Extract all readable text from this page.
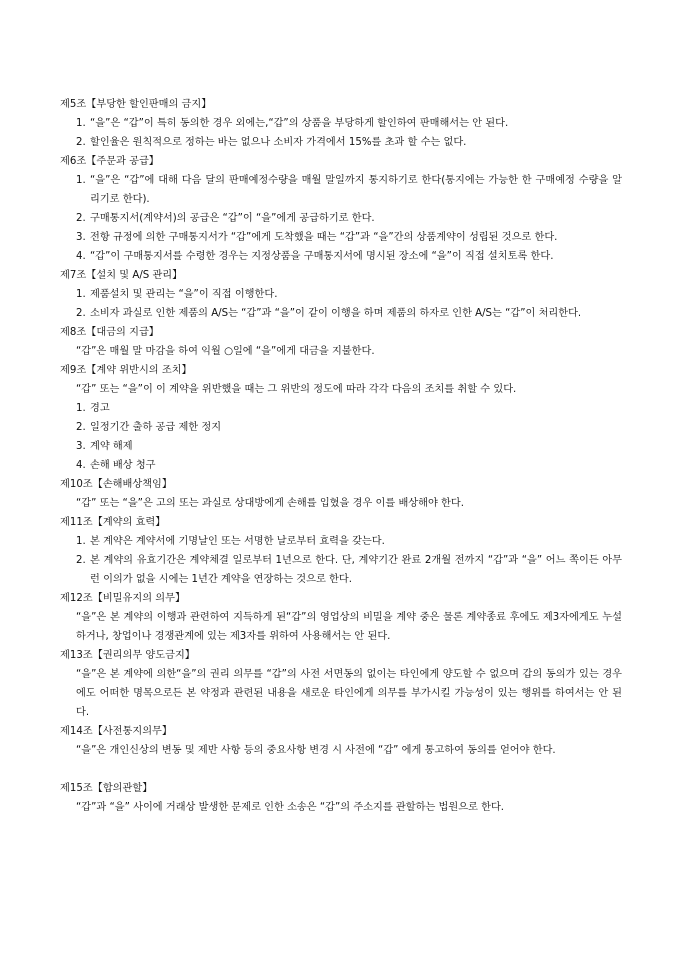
제5조【부당한 할인판매의 금지】
1. “을”은 “갑”이 특히 동의한 경우 외에는,“갑”의 상품을 부당하게 할인하여 판매해서는 안 된다.
2. 할인율은 원칙적으로 정하는 바는 없으나 소비자 가격에서 15%를 초과 할 수는 없다.
제6조【주문과 공급】
1. “을”은 “갑”에 대해 다음 달의 판매예정수량을 매월 말일까지 통지하기로 한다(통지에는 가능한 한 구매예정 수량을 알리기로 한다).
2. 구매통지서(계약서)의 공급은 “갑”이 “을”에게 공급하기로 한다.
3. 전항 규정에 의한 구매통지서가 “갑”에게 도착했을 때는 “갑”과 “을”간의 상품계약이 성립된 것으로 한다.
4. “갑”이 구매통지서를 수령한 경우는 지정상품을 구매통지서에 명시된 장소에 “을”이 직접 설치토록 한다.
제7조【설치 및 A/S 관리】
1. 제품설치 및 관리는 “을”이 직접 이행한다.
2. 소비자 과실로 인한 제품의 A/S는 “갑”과 “을”이 같이 이행을 하며 제품의 하자로 인한 A/S는 “갑”이 처리한다.
제8조【대금의 지급】
“갑”은 매월 말 마감을 하여 익월 ○일에 “을”에게 대금을 지불한다.
제9조【계약 위반시의 조치】
“갑” 또는 “을”이 이 계약을 위반했을 때는 그 위반의 정도에 따라 각각 다음의 조치를 취할 수 있다.
1. 경고
2. 일정기간 출하 공급 제한 정지
3. 계약 해제
4. 손해 배상 청구
제10조【손해배상책임】
“갑” 또는 “을”은 고의 또는 과실로 상대방에게 손해를 입혔을 경우 이를 배상해야 한다.
제11조【계약의 효력】
1. 본 계약은 계약서에 기명날인 또는 서명한 날로부터 효력을 갖는다.
2. 본 계약의 유효기간은 계약체결 일로부터 1년으로 한다. 단, 계약기간 완료 2개월 전까지 “갑”과 “을” 어느 쪽이든 아무런 이의가 없을 시에는 1년간 계약을 연장하는 것으로 한다.
제12조【비밀유지의 의무】
“을”은 본 계약의 이행과 관련하여 지득하게 된“갑”의 영업상의 비밀을 계약 중은 물론 계약종료 후에도 제3자에게도 누설하거나, 창업이나 경쟁관계에 있는 제3자를 위하여 사용해서는 안 된다.
제13조【권리의무 양도금지】
“을”은 본 계약에 의한“을”의 권리 의무를 “갑”의 사전 서면동의 없이는 타인에게 양도할 수 없으며 갑의 동의가 있는 경우에도 어떠한 명목으로든 본 약정과 관련된 내용을 새로운 타인에게 의무를 부가시킬 가능성이 있는 행위를 하여서는 안 된다.
제14조【사전통지의무】
“을”은 개인신상의 변동 및 제반 사항 등의 중요사항 변경 시 사전에 “갑” 에게 통고하여 동의를 얻어야 한다.
제15조【합의관할】
“갑”과 “을” 사이에 거래상 발생한 문제로 인한 소송은 “갑”의 주소지를 관할하는 법원으로 한다.
